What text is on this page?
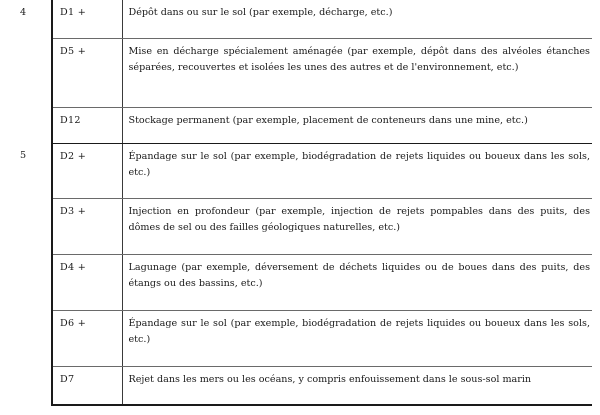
4	D1 +	Dépôt dans ou sur le sol (par exemple, décharge, etc.)
	D5 +	Mise en décharge spécialement aménagée (par exemple, dépôt dans des alvéoles étanches séparées, recouvertes et isolées les unes des autres et de l'environnement, etc.)
	D12	Stockage permanent (par exemple, placement de conteneurs dans une mine, etc.)
5	D2 +	Épandage sur le sol (par exemple, biodégradation de rejets liquides ou boueux dans les sols, etc.)
	D3 +	Injection en profondeur (par exemple, injection de rejets pompables dans des puits, des dômes de sel ou des failles géologiques naturelles, etc.)
	D4 +	Lagunage (par exemple, déversement de déchets liquides ou de boues dans des puits, des étangs ou des bassins, etc.)
	D6 +	Épandage sur le sol (par exemple, biodégradation de rejets liquides ou boueux dans les sols, etc.)
	D7	Rejet dans les mers ou les océans, y compris enfouissement dans le sous-sol marin
